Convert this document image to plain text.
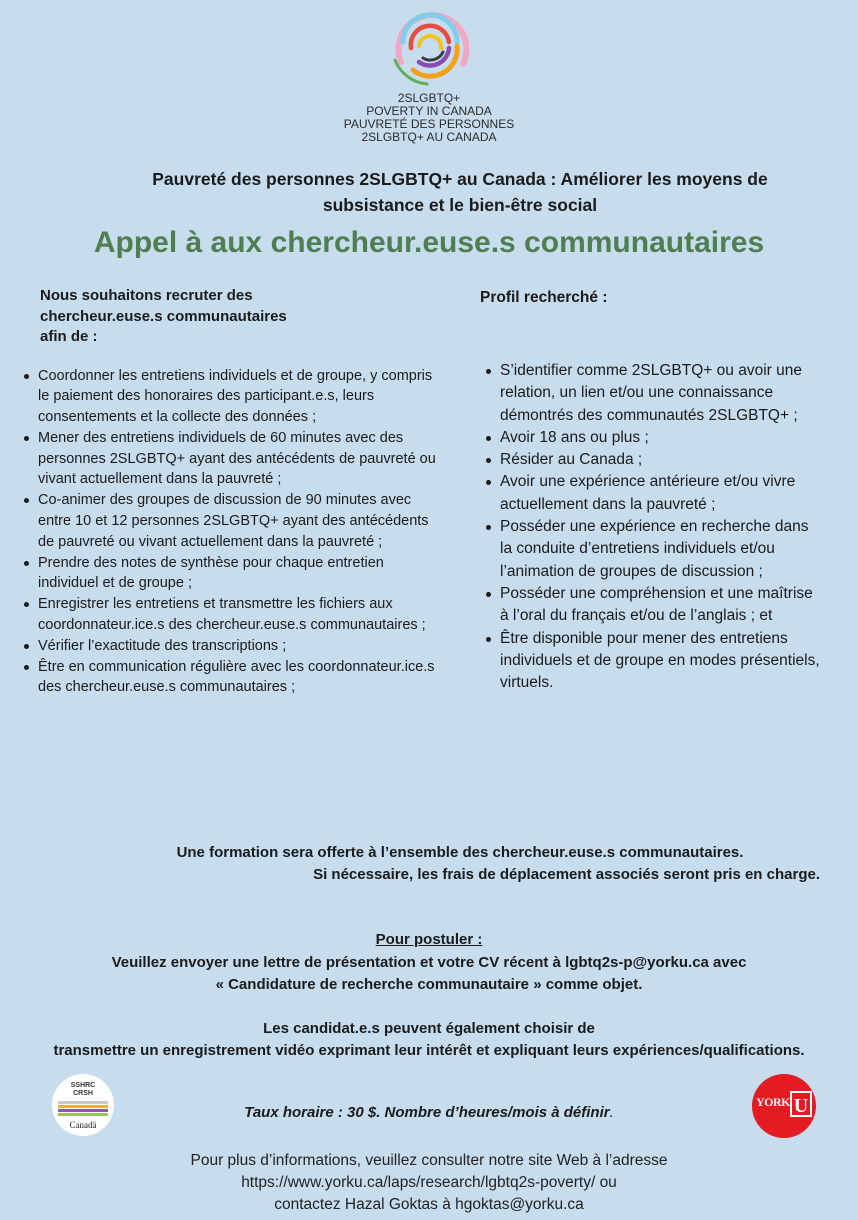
2SLGBTQ+
POVERTY IN CANADA
PAUVRETÉ DES PERSONNES
2SLGBTQ+ AU CANADA
Pauvreté des personnes 2SLGBTQ+ au Canada : Améliorer les moyens de subsistance et le bien-être social
Appel à aux chercheur.euse.s communautaires
Nous souhaitons recruter des chercheur.euse.s communautaires afin de :
Coordonner les entretiens individuels et de groupe, y compris le paiement des honoraires des participant.e.s, leurs consentements et la collecte des données ;
Mener des entretiens individuels de 60 minutes avec des personnes 2SLGBTQ+ ayant des antécédents de pauvreté ou vivant actuellement dans la pauvreté ;
Co-animer des groupes de discussion de 90 minutes avec entre 10 et 12 personnes 2SLGBTQ+ ayant des antécédents de pauvreté ou vivant actuellement dans la pauvreté ;
Prendre des notes de synthèse pour chaque entretien individuel et de groupe ;
Enregistrer les entretiens et transmettre les fichiers aux coordonnateur.ice.s des chercheur.euse.s communautaires ;
Vérifier l’exactitude des transcriptions ;
Être en communication régulière avec les coordonnateur.ice.s des chercheur.euse.s communautaires ;
Profil recherché :
S’identifier comme 2SLGBTQ+ ou avoir une relation, un lien et/ou une connaissance démontrés des communautés 2SLGBTQ+ ;
Avoir 18 ans ou plus ;
Résider au Canada ;
Avoir une expérience antérieure et/ou vivre actuellement dans la pauvreté ;
Posséder une expérience en recherche dans la conduite d’entretiens individuels et/ou l’animation de groupes de discussion ;
Posséder une compréhension et une maîtrise à l’oral du français et/ou de l’anglais ; et
Être disponible pour mener des entretiens individuels et de groupe en modes présentiels, virtuels.
Une formation sera offerte à l’ensemble des chercheur.euse.s communautaires.
Si nécessaire, les frais de déplacement associés seront pris en charge.
Pour postuler :
Veuillez envoyer une lettre de présentation et votre CV récent à lgbtq2s-p@yorku.ca avec
« Candidature de recherche communautaire » comme objet.
Les candidat.e.s peuvent également choisir de
transmettre un enregistrement vidéo exprimant leur intérêt et expliquant leurs expériences/qualifications.
SSHRC
CRSH
Canadä
YORK U
Taux horaire : 30 $. Nombre d’heures/mois à définir.
Pour plus d’informations, veuillez consulter notre site Web à l’adresse
https://www.yorku.ca/laps/research/lgbtq2s-poverty/ ou
contactez Hazal Goktas à hgoktas@yorku.ca
